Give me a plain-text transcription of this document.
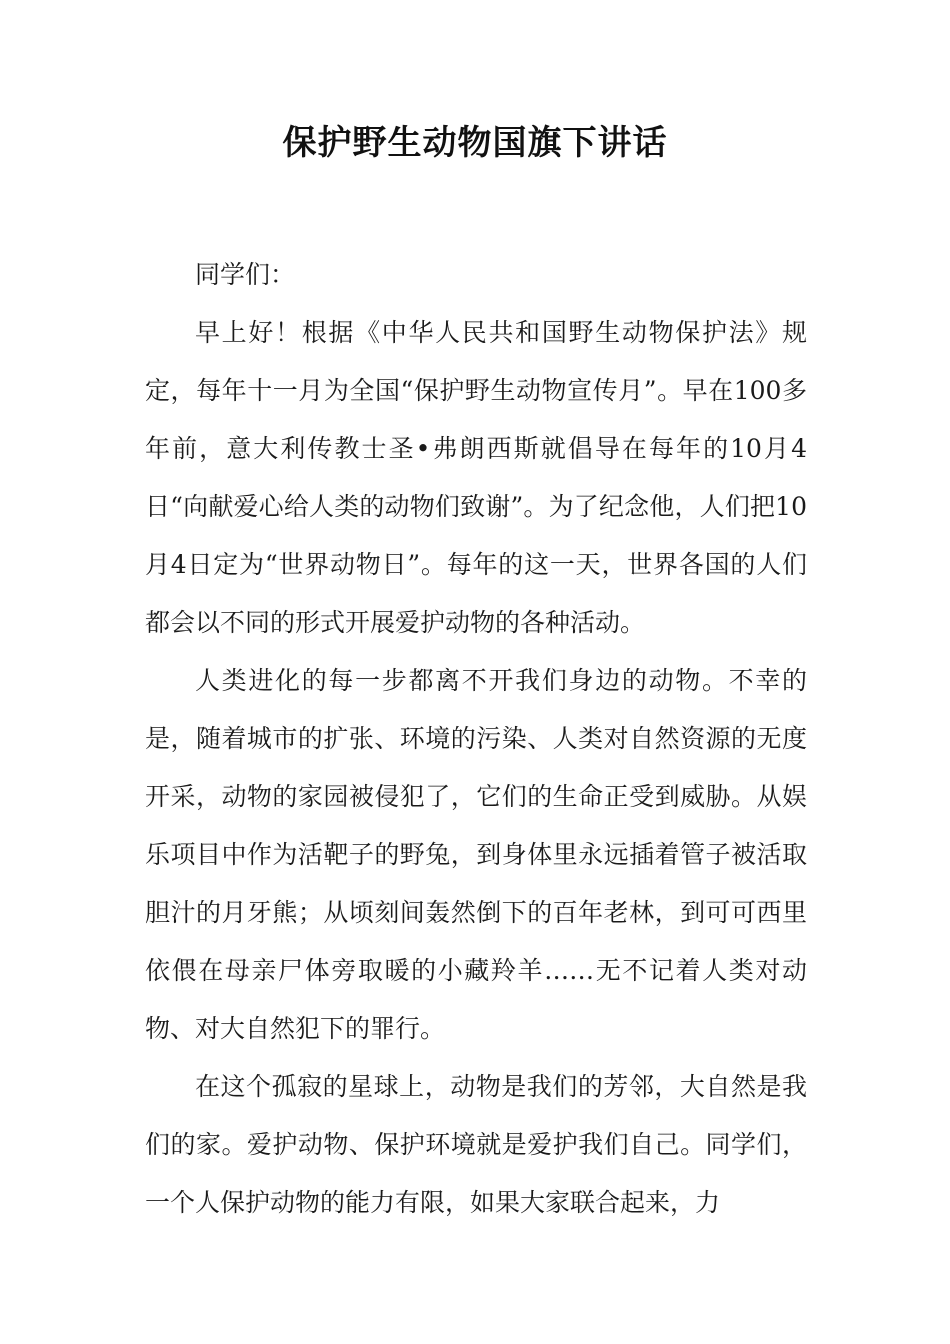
保护野生动物国旗下讲话

同学们：

早上好！根据《中华人民共和国野生动物保护法》规定，每年十一月为全国“保护野生动物宣传月”。早在100多年前，意大利传教士圣•弗朗西斯就倡导在每年的10月4日“向献爱心给人类的动物们致谢”。为了纪念他，人们把10月4日定为“世界动物日”。每年的这一天，世界各国的人们都会以不同的形式开展爱护动物的各种活动。

人类进化的每一步都离不开我们身边的动物。不幸的是，随着城市的扩张、环境的污染、人类对自然资源的无度开采，动物的家园被侵犯了，它们的生命正受到威胁。从娱乐项目中作为活靶子的野兔，到身体里永远插着管子被活取胆汁的月牙熊；从顷刻间轰然倒下的百年老林，到可可西里依偎在母亲尸体旁取暖的小藏羚羊……无不记着人类对动物、对大自然犯下的罪行。

在这个孤寂的星球上，动物是我们的芳邻，大自然是我们的家。爱护动物、保护环境就是爱护我们自己。同学们，一个人保护动物的能力有限，如果大家联合起来，力
